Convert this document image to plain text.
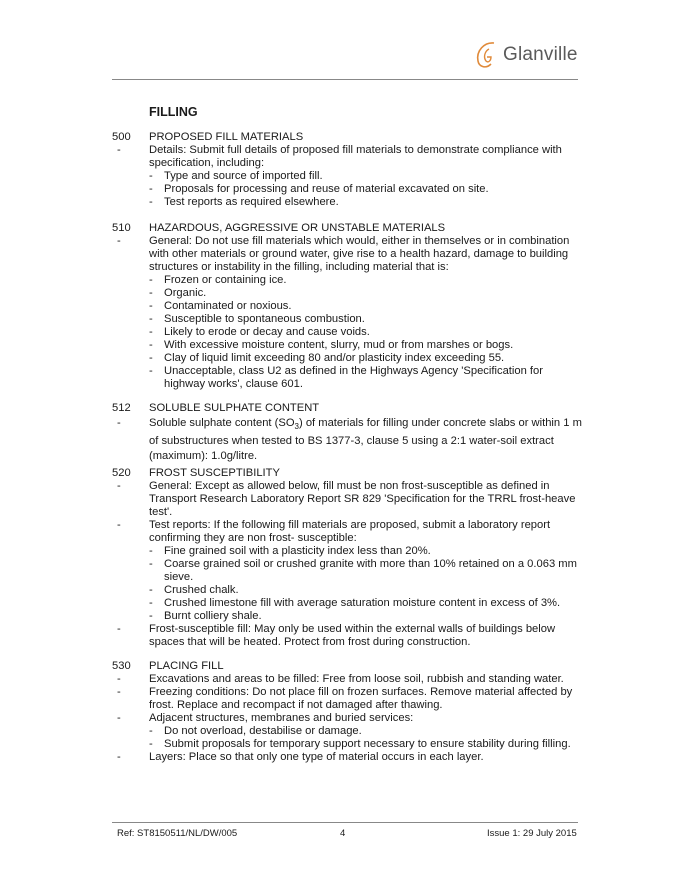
Glanville
FILLING
500	PROPOSED FILL MATERIALS
-	Details: Submit full details of proposed fill materials to demonstrate compliance with specification, including:
-	Type and source of imported fill.
-	Proposals for processing and reuse of material excavated on site.
-	Test reports as required elsewhere.
510	HAZARDOUS, AGGRESSIVE OR UNSTABLE MATERIALS
-	General: Do not use fill materials which would, either in themselves or in combination with other materials or ground water, give rise to a health hazard, damage to building structures or instability in the filling, including material that is:
-	Frozen or containing ice.
-	Organic.
-	Contaminated or noxious.
-	Susceptible to spontaneous combustion.
-	Likely to erode or decay and cause voids.
-	With excessive moisture content, slurry, mud or from marshes or bogs.
-	Clay of liquid limit exceeding 80 and/or plasticity index exceeding 55.
-	Unacceptable, class U2 as defined in the Highways Agency 'Specification for highway works', clause 601.
512	SOLUBLE SULPHATE CONTENT
-	Soluble sulphate content $(SO_3)$ of materials for filling under concrete slabs or within 1 m of substructures when tested to BS 1377-3, clause 5 using a 2:1 water-soil extract (maximum): 1.0g/litre.
520	FROST SUSCEPTIBILITY
-	General: Except as allowed below, fill must be non frost-susceptible as defined in Transport Research Laboratory Report SR 829 'Specification for the TRRL frost-heave test'.
-	Test reports: If the following fill materials are proposed, submit a laboratory report confirming they are non frost- susceptible:
-	Fine grained soil with a plasticity index less than 20%.
-	Coarse grained soil or crushed granite with more than 10% retained on a 0.063 mm sieve.
-	Crushed chalk.
-	Crushed limestone fill with average saturation moisture content in excess of 3%.
-	Burnt colliery shale.
-	Frost-susceptible fill: May only be used within the external walls of buildings below spaces that will be heated. Protect from frost during construction.
530	PLACING FILL
-	Excavations and areas to be filled: Free from loose soil, rubbish and standing water.
-	Freezing conditions: Do not place fill on frozen surfaces. Remove material affected by frost. Replace and recompact if not damaged after thawing.
-	Adjacent structures, membranes and buried services:
-	Do not overload, destabilise or damage.
-	Submit proposals for temporary support necessary to ensure stability during filling.
-	Layers: Place so that only one type of material occurs in each layer.
Ref: ST8150511/NL/DW/005	4	Issue 1: 29 July 2015
